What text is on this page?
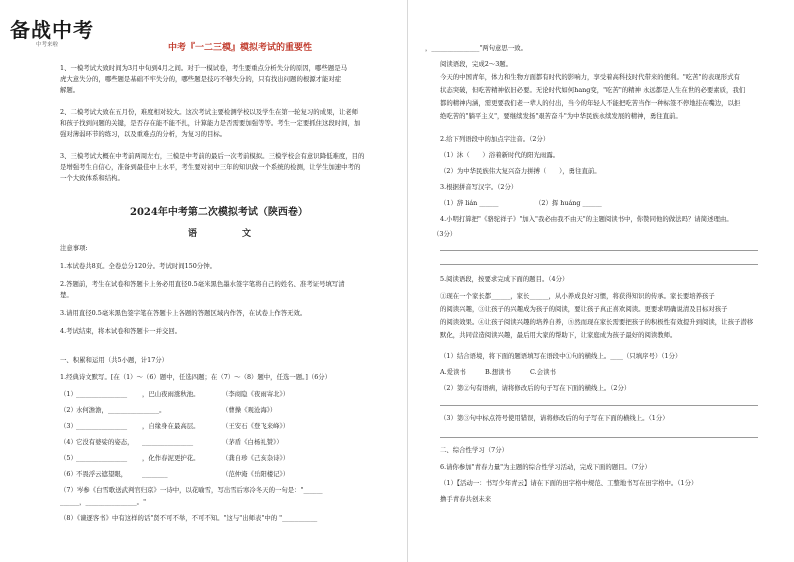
备战中考
中考来啦	中考『一二三模』模拟考试的重要性
1、一模考试大致时间为3月中旬到4月之间。对于一模试卷，考生要重点分析失分的原因，哪些题是马
虎大意失分的，哪些题是基础不牢失分的，哪些题是技巧不够失分的，只有找出问题的根源才能对症
解题。
2、二模考试大致在五月份，难度相对较大。这次考试主要检测学校以及学生在第一轮复习的成果，让老师
和孩子找到问题的关键，是否存在能不能不扎，计算能力是否需要加强等等。考生一定要抓住这段时间，加
强对薄弱环节的练习，以及重难点的分析，为复习的目标。
3、三模考试大概在中考前两周左右，三模是中考前的最后一次考前模拟。三模学校会有意识降低难度，目的
是增强考生自信心，准备到最佳中上水平，考生要对初中三年的知识做一个系统的检测，让学生加速中考的
一个大致体系和结构。
2024年中考第二次模拟考试（陕西卷）
语　文
注意事项:
1.本试卷共8页。全卷总分120分。考试时间150分钟。
2.答题前，考生在试卷和答题卡上务必用直径0.5毫米黑色墨水签字笔将自己的姓名、准考证号填写清
楚。
3.请用直径0.5毫米黑色签字笔在答题卡上各题的答题区域内作答，在试卷上作答无效。
4.考试结束，将本试卷和答题卡一并交回。
一、积累和运用（共5小题，计17分）
1.经典诗文默写。[在（1）～（6）题中，任选四题；在（7）～（8）题中，任选一题。]（6分）
（1） ________________ ，巴山夜雨涨秋池。	（李商隐《夜雨寄北》）
（2） 水何澹澹，________________。	（曹操《观沧海》）
（3） ________________ ，自缘身在最高层。	（王安石《登飞来峰》）
（4） 它没有婆娑的姿态， ________________	（茅盾《白杨礼赞》）
（5） ________________ ，化作春泥更护花。	（龚自珍《己亥杂诗》）
（6） 不畏浮云遮望眼， ________	（范仲淹《岳阳楼记》）
（7）岑参《白雪歌送武判官归京》一诗中，以花喻雪，写出雪后寒冷冬天的一句是："______
______，________________。"
（8）《谏逐客书》中有这样的话"贤不可不举，不可不知。"这与"出师表"中的 "___________
，_______________"两句意思一致。
阅读语段，完成2～3题。
今天的中国青年，体力和生物方面都有时代的影响力，享受着高科技时代带来的便利。"吃苦"的表现形式有
状态突破，但吃苦精神依旧必要。无论时代如何hang变，"吃苦"的精神 永远都是人生在世的必要素质，我们
都的精神内涵，需更要我们老一辈人的付出，当今的年轻人不能把吃苦当作一种标签不停地挂在嘴边，以拒
绝吃苦的"躺平主义"，要继续发扬"艰苦奋斗"为中华民族永续发展的精神，勇往直前。
2.给下列语段中的加点字注音。（2分）
（1）沐（　　）浴着新时代的阳光雨露。
（2）为中华民族伟大复兴奋力拼搏（　　），勇往直前。
3.根据拼音写汉字。（2分）
（1）辞 lián ______	（2）挥 huáng ______
4.小明打算把"《骆驼祥子》"加入"我必由我不由天"的主题阅读书中，你赞同他的做法吗？请简述理由。
（3分）
5.阅读语段，按要求完成下面的题目。（4分）
①现在一个家长都______，家长______，从小养成良好习惯，将获得知识的传承。家长要培养孩子
的阅读兴趣，③让孩子的兴趣成为孩子的阅读，要让孩子真正喜欢阅读。更要求明确说清及目标对孩子
的阅读效果。④让孩子阅读兴趣的培养自养，⑤然而现在家长需要把孩子的积极性有效提升到阅读，让孩子潜移
默化，共同营造阅读兴趣，最后用大家的帮助下，让家庭成为孩子最好的阅读教师。
（1）结合语境，将下面的题语填写在语段中①句的横线上。____（只填序号）（1分）
A.爱读书	B.想读书	C.会读书
（2）第②句有语病，请将修改后的句子写在下面的横线上。（2分）
（3）第③句中标点符号使用错误，请将修改后的句子写在下面的横线上。（1分）
二、综合性学习（7分）
6.请你参加"青春力量"为主题的综合性学习活动，完成下面的题目。（7分）
（1）【活动一：书写少年青云】请在下面的田字格中规范、工整地书写在田字格中。（1分）
撸手青春共创未来
